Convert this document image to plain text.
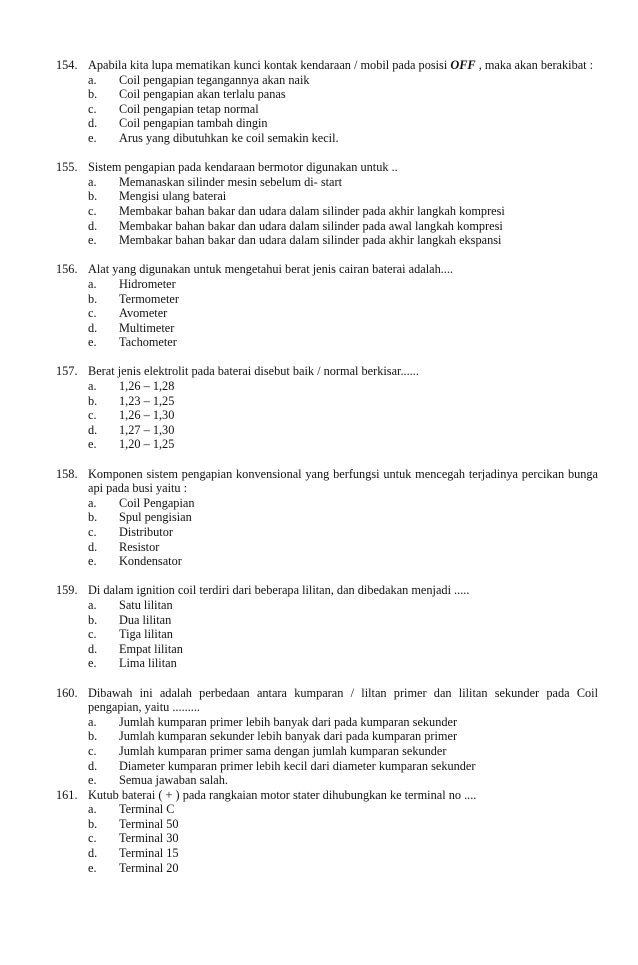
154. Apabila kita lupa mematikan kunci kontak kendaraan / mobil pada posisi OFF , maka akan berakibat :
a. Coil pengapian tegangannya akan naik
b. Coil pengapian akan terlalu panas
c. Coil pengapian tetap normal
d. Coil pengapian tambah dingin
e. Arus yang dibutuhkan ke coil semakin kecil.
155. Sistem pengapian pada kendaraan bermotor digunakan untuk ..
a. Memanaskan silinder mesin sebelum di- start
b. Mengisi ulang baterai
c. Membakar bahan bakar dan udara dalam silinder pada akhir langkah kompresi
d. Membakar bahan bakar dan udara dalam silinder pada awal langkah kompresi
e. Membakar bahan bakar dan udara dalam silinder pada akhir langkah ekspansi
156. Alat yang digunakan untuk mengetahui berat jenis cairan baterai adalah....
a. Hidrometer
b. Termometer
c. Avometer
d. Multimeter
e. Tachometer
157. Berat jenis elektrolit pada baterai disebut baik / normal berkisar......
a. 1,26 – 1,28
b. 1,23 – 1,25
c. 1,26 – 1,30
d. 1,27 – 1,30
e. 1,20 – 1,25
158. Komponen sistem pengapian konvensional yang berfungsi untuk mencegah terjadinya percikan bunga api pada busi yaitu :
a. Coil Pengapian
b. Spul pengisian
c. Distributor
d. Resistor
e. Kondensator
159. Di dalam ignition coil terdiri dari beberapa lilitan, dan dibedakan menjadi .....
a. Satu lilitan
b. Dua lilitan
c. Tiga lilitan
d. Empat lilitan
e. Lima lilitan
160. Dibawah ini adalah perbedaan antara kumparan / liltan primer dan lilitan sekunder pada Coil pengapian, yaitu .........
a. Jumlah kumparan primer lebih banyak dari pada kumparan sekunder
b. Jumlah kumparan sekunder lebih banyak dari pada kumparan primer
c. Jumlah kumparan primer sama dengan jumlah kumparan sekunder
d. Diameter kumparan primer lebih kecil dari diameter kumparan sekunder
e. Semua jawaban salah.
161. Kutub baterai ( + ) pada rangkaian motor stater dihubungkan ke terminal no ....
a. Terminal C
b. Terminal 50
c. Terminal 30
d. Terminal 15
e. Terminal 20
